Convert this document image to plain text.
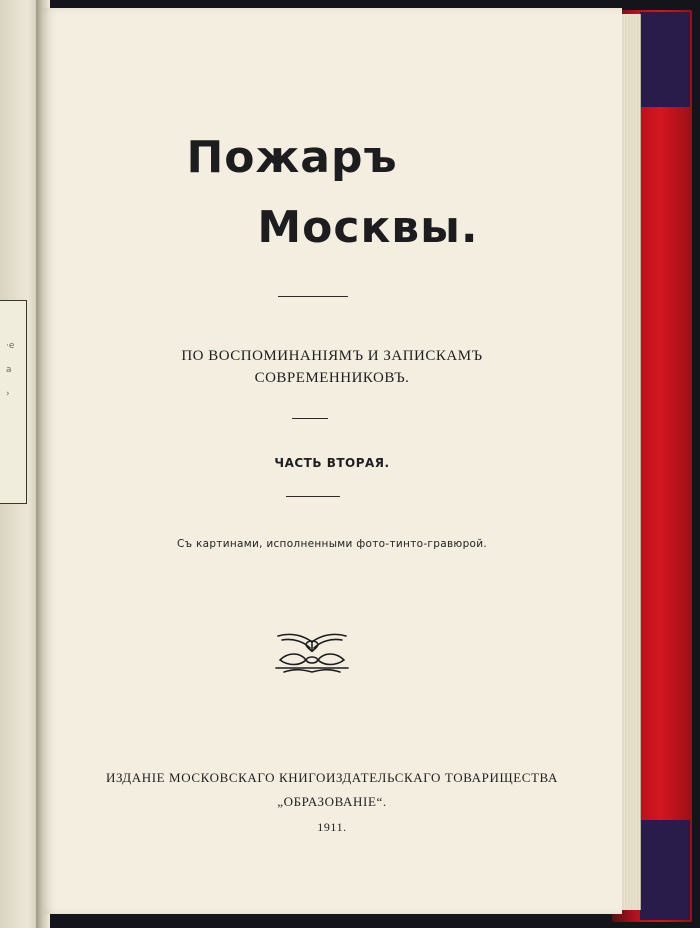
·e
a
›
Пожаръ
Москвы.
ПО ВОСПОМИНАНIЯМЪ И ЗАПИСКАМЪ
СОВРЕМЕННИКОВЪ.
ЧАСТЬ ВТОРАЯ.
Съ картинами, исполненными фото-тинто-гравюрой.
ИЗДАНIЕ МОСКОВСКАГО КНИГОИЗДАТЕЛЬСКАГО ТОВАРИЩЕСТВА
„ОБРАЗОВАНIЕ“.
1911.
